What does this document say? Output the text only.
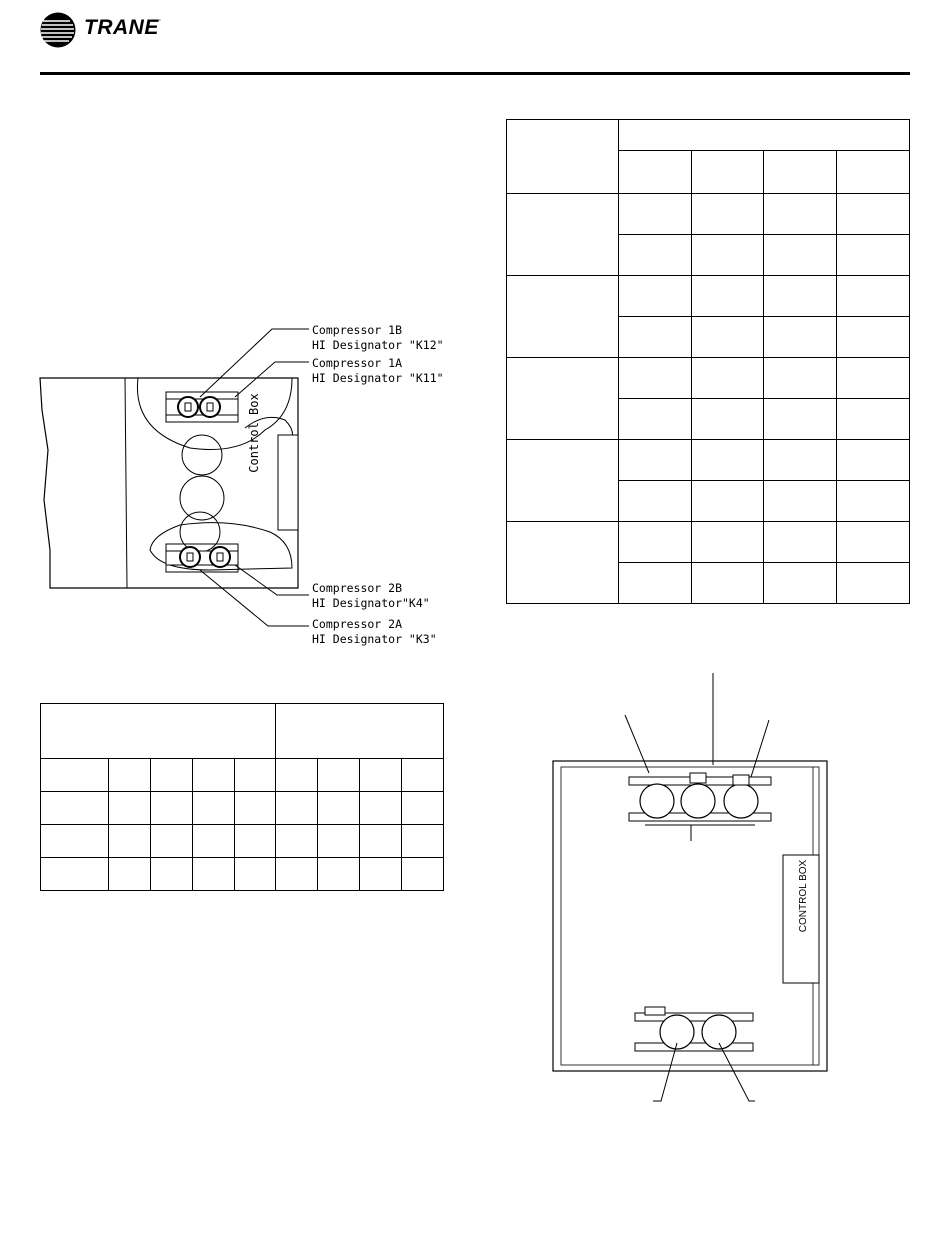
TRANE·
Compressor 1B
HI Designator "K12"
Compressor 1A
HI Designator "K11"
Compressor 2B
HI Designator"K4"
Compressor 2A
HI Designator "K3"
Control Box

CONTROL BOX
